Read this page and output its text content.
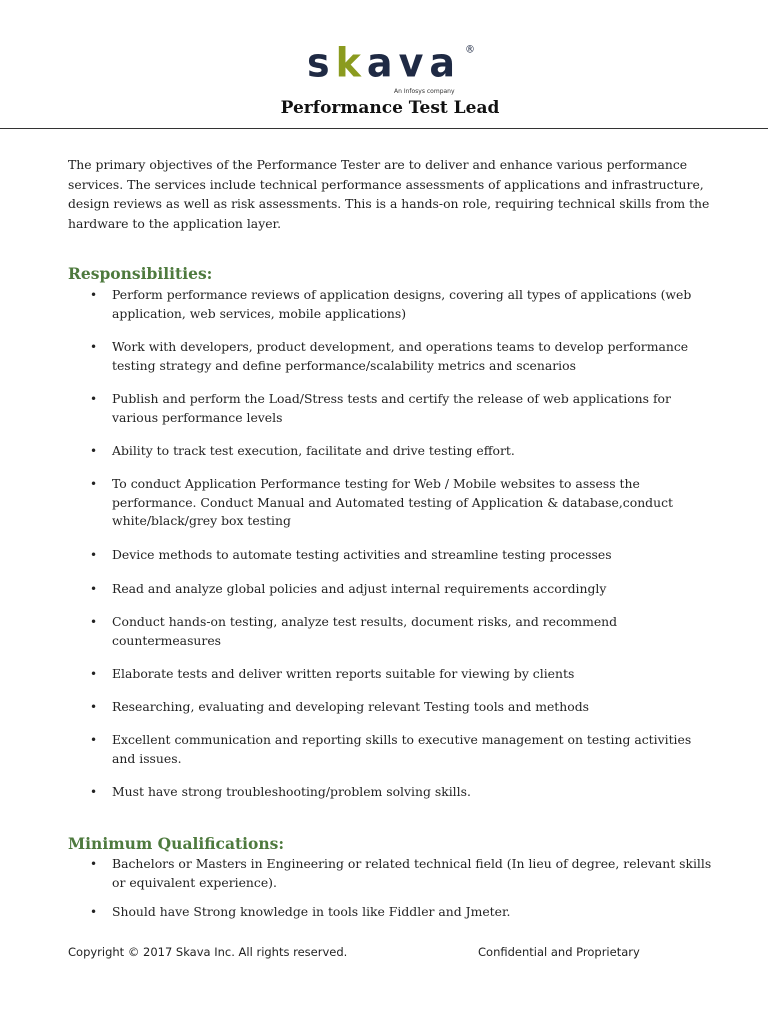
skava ®
An Infosys company
Performance Test Lead

The primary objectives of the Performance Tester are to deliver and enhance various performance services. The services include technical performance assessments of applications and infrastructure, design reviews as well as risk assessments. This is a hands-on role, requiring technical skills from the hardware to the application layer.

Responsibilities:
• Perform performance reviews of application designs, covering all types of applications (web application, web services, mobile applications)
• Work with developers, product development, and operations teams to develop performance testing strategy and define performance/scalability metrics and scenarios
• Publish and perform the Load/Stress tests and certify the release of web applications for various performance levels
• Ability to track test execution, facilitate and drive testing effort.
• To conduct Application Performance testing for Web / Mobile websites to assess the performance. Conduct Manual and Automated testing of Application & database,conduct white/black/grey box testing
• Device methods to automate testing activities and streamline testing processes
• Read and analyze global policies and adjust internal requirements accordingly
• Conduct hands-on testing, analyze test results, document risks, and recommend countermeasures
• Elaborate tests and deliver written reports suitable for viewing by clients
• Researching, evaluating and developing relevant Testing tools and methods
• Excellent communication and reporting skills to executive management on testing activities and issues.
• Must have strong troubleshooting/problem solving skills.
Minimum Qualifications:
• Bachelors or Masters in Engineering or related technical field (In lieu of degree, relevant skills or equivalent experience).
• Should have Strong knowledge in tools like Fiddler and Jmeter.
Copyright © 2017 Skava Inc. All rights reserved.	Confidential and Proprietary
